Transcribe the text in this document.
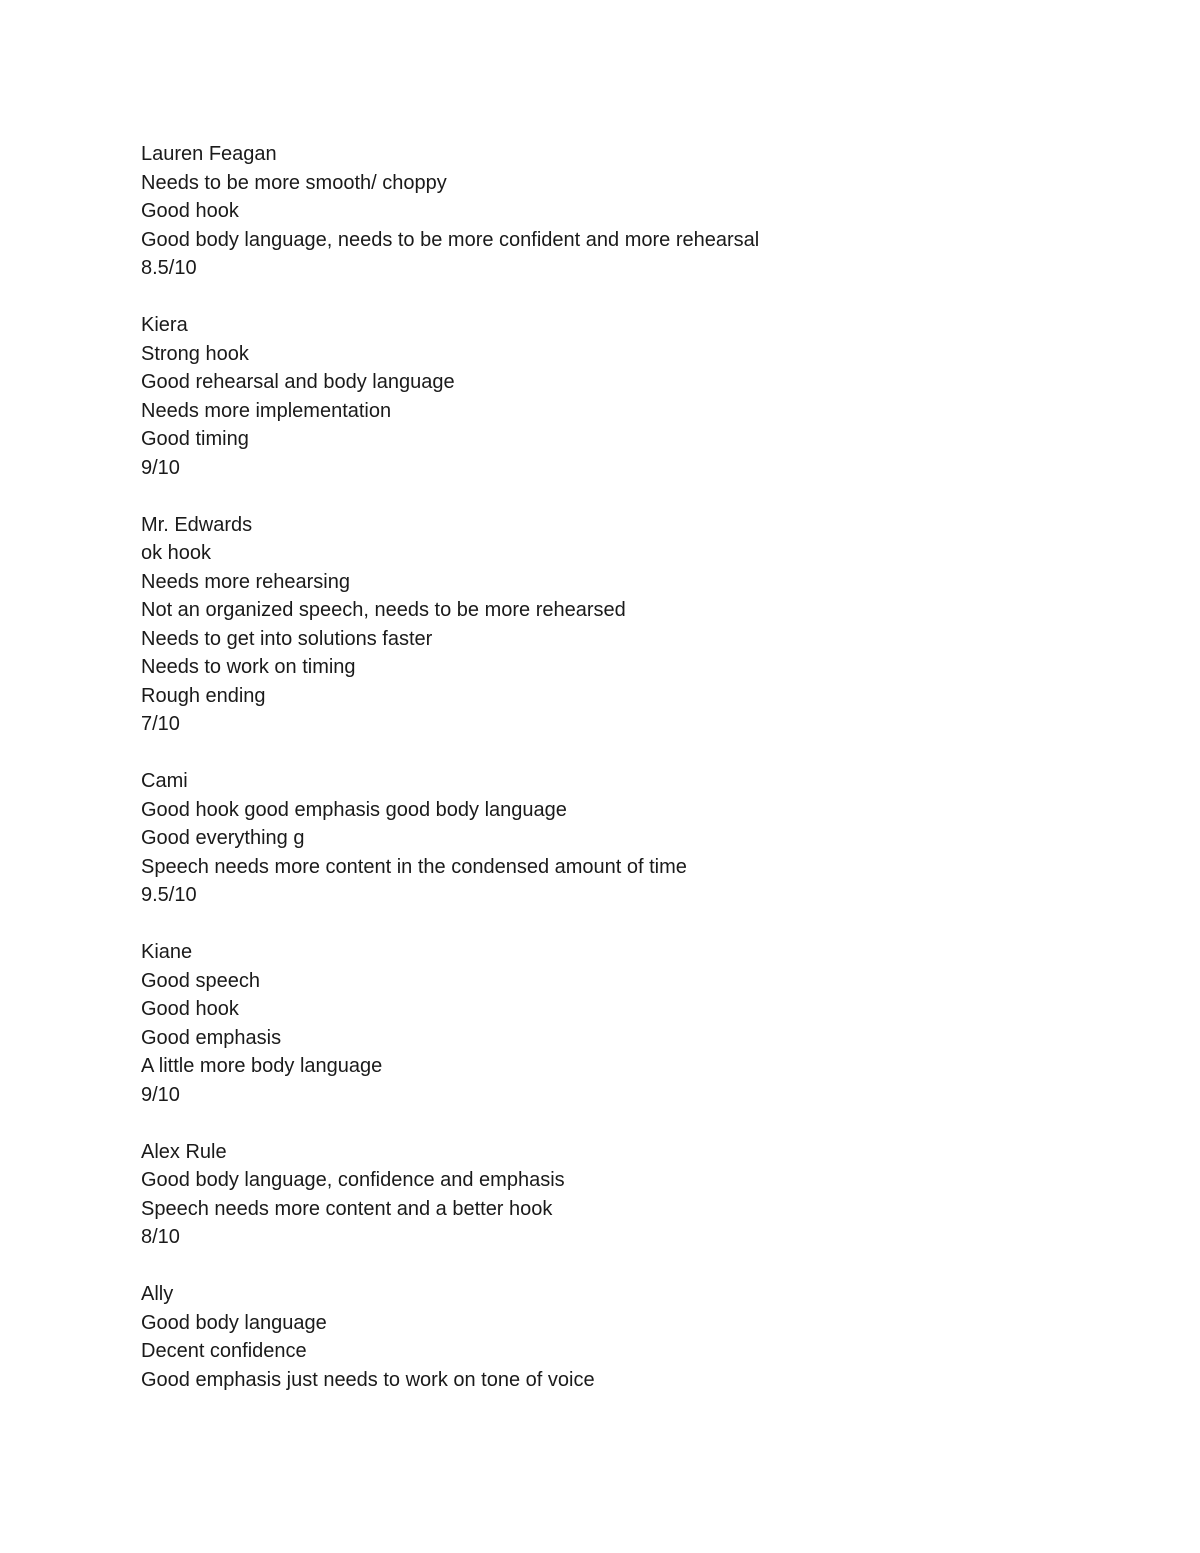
Lauren Feagan
Needs to be more smooth/ choppy
Good hook
Good body language, needs to be more confident and more rehearsal
8.5/10
Kiera
Strong hook
Good rehearsal and body language
Needs more implementation
Good timing
9/10
Mr. Edwards
ok hook
Needs more rehearsing
Not an organized speech, needs to be more rehearsed
Needs to get into solutions faster
Needs to work on timing
Rough ending
7/10
Cami
Good hook good emphasis good body language
Good everything g
Speech needs more content in the condensed amount of time
9.5/10
Kiane
Good speech
Good hook
Good emphasis
A little more body language
9/10
Alex Rule
Good body language, confidence and emphasis
Speech needs more content and a better hook
8/10
Ally
Good body language
Decent confidence
Good emphasis just needs to work on tone of voice
